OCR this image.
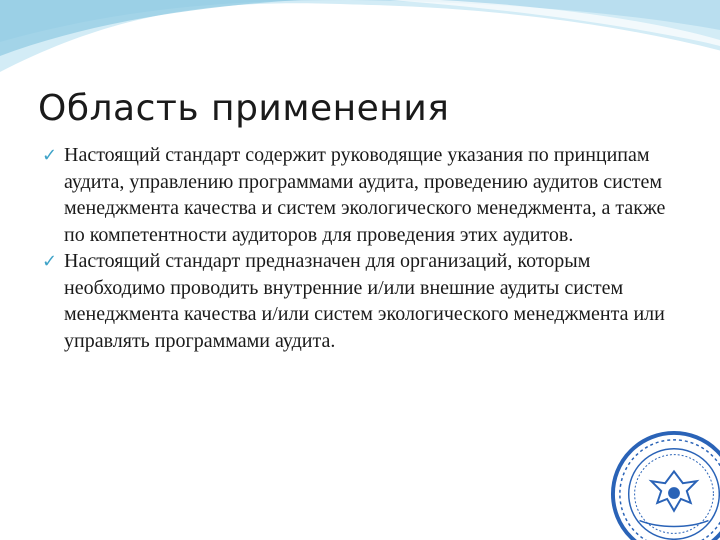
Область применения
✓ Настоящий стандарт содержит руководящие указания по принципам аудита, управлению программами аудита, проведению аудитов систем менеджмента качества и систем экологического менеджмента, а также по компетентности аудиторов для проведения этих аудитов.
✓ Настоящий стандарт предназначен для организаций, которым необходимо проводить внутренние и/или внешние аудиты систем менеджмента качества и/или систем экологического менеджмента или управлять программами аудита.
